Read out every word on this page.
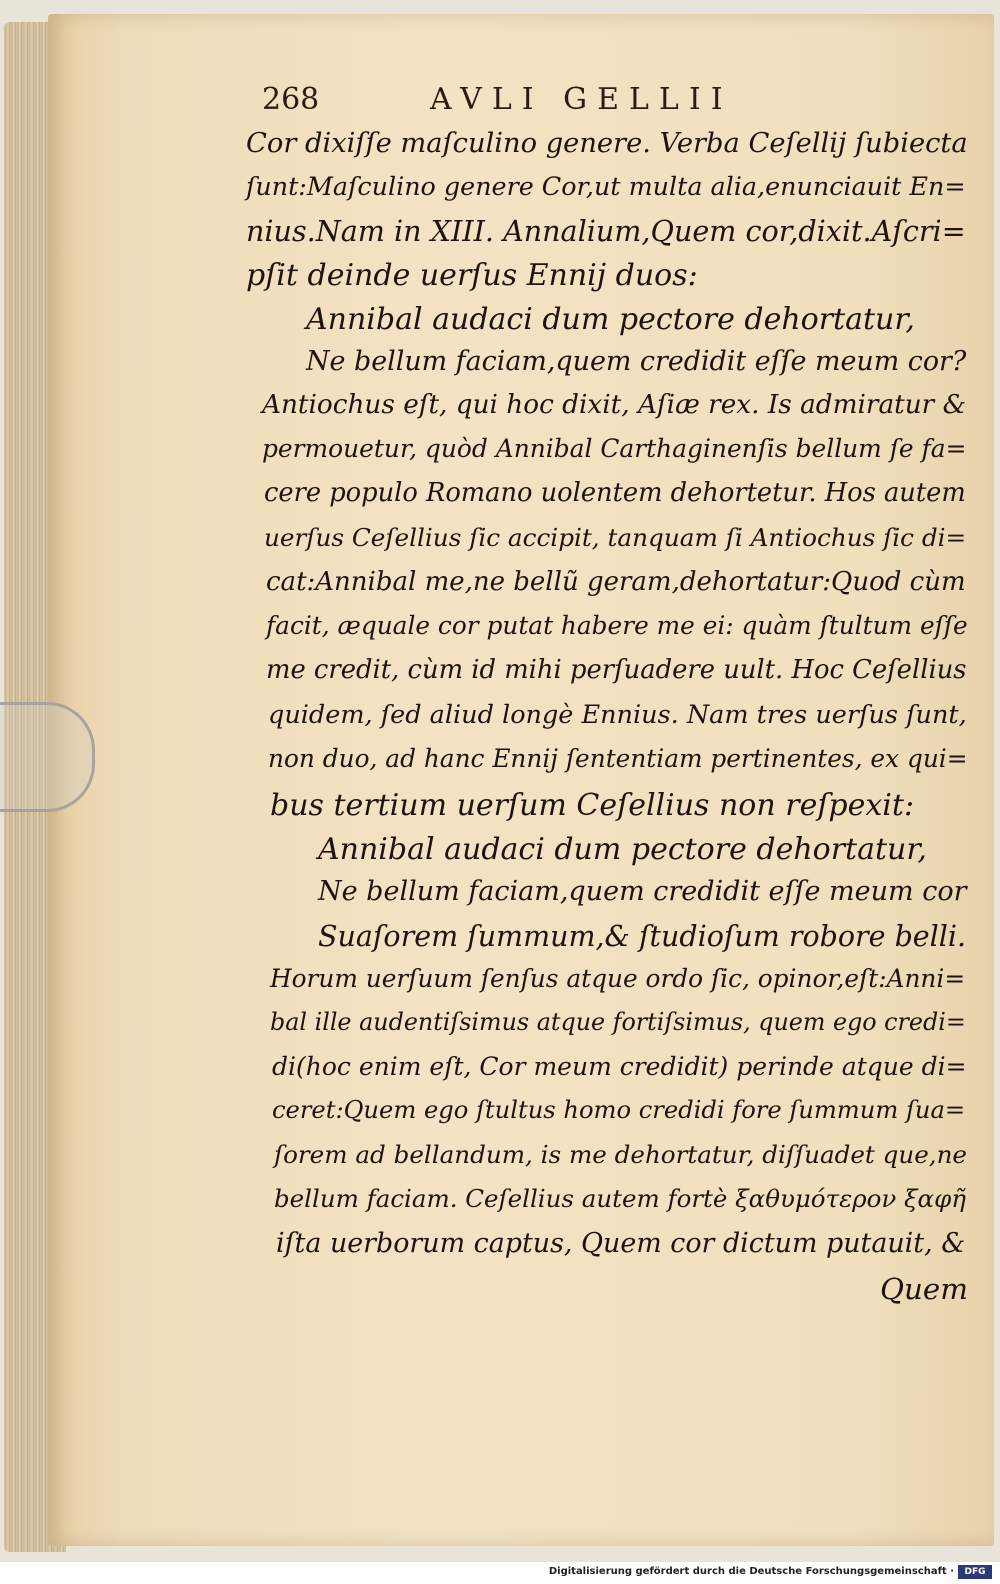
268	AVLI GELLII
Cor dixiſſe maſculino genere. Verba Ceſellij ſubiecta
ſunt:Maſculino genere Cor,ut multa alia,enunciauit En=
nius.Nam in XIII. Annalium,Quem cor,dixit.Aſcri=
pſit deinde uerſus Ennij duos:
Annibal audaci dum pectore dehortatur,
Ne bellum faciam,quem credidit eſſe meum cor?
Antiochus eſt, qui hoc dixit, Aſiæ rex. Is admiratur &
permouetur, quòd Annibal Carthaginenſis bellum ſe fa=
cere populo Romano uolentem dehortetur. Hos autem
uerſus Ceſellius ſic accipit, tanquam ſi Antiochus ſic di=
cat:Annibal me,ne bellũ geram,dehortatur:Quod cùm
facit, æquale cor putat habere me ei: quàm ſtultum eſſe
me credit, cùm id mihi perſuadere uult. Hoc Ceſellius
quidem, ſed aliud longè Ennius. Nam tres uerſus ſunt,
non duo, ad hanc Ennij ſententiam pertinentes, ex qui=
bus tertium uerſum Ceſellius non reſpexit:
Annibal audaci dum pectore dehortatur,
Ne bellum faciam,quem credidit eſſe meum cor
Suaſorem ſummum,& ſtudioſum robore belli.
Horum uerſuum ſenſus atque ordo ſic, opinor,eſt:Anni=
bal ille audentiſsimus atque fortiſsimus, quem ego credi=
di(hoc enim eſt, Cor meum credidit) perinde atque di=
ceret:Quem ego ſtultus homo credidi fore ſummum ſua=
ſorem ad bellandum, is me dehortatur, diſſuadet que,ne
bellum faciam. Ceſellius autem fortè ξαθυμότερον ξαφῆ
iſta uerborum captus, Quem cor dictum putauit, &
Quem
Digitalisierung gefördert durch die Deutsche Forschungsgemeinschaft ·	DFG
